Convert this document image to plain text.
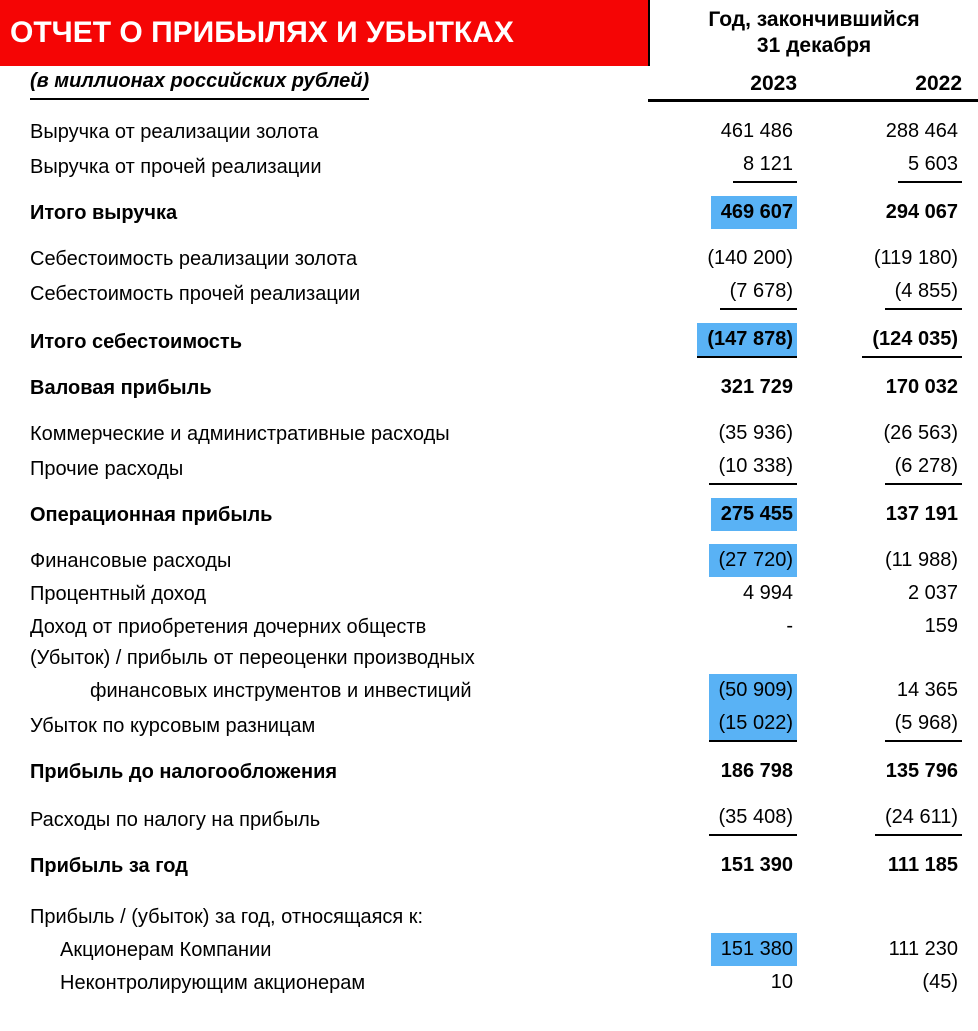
ОТЧЕТ О ПРИБЫЛЯХ И УБЫТКАХ	Год, закончившийся
31 декабря
(в миллионах российских рублей)	2023	2022

Выручка от реализации золота	461 486	288 464
Выручка от прочей реализации	8 121	5 603

Итого выручка	469 607	294 067

Себестоимость реализации золота	(140 200)	(119 180)
Себестоимость прочей реализации	(7 678)	(4 855)

Итого себестоимость	(147 878)	(124 035)

Валовая прибыль	321 729	170 032

Коммерческие и административные расходы	(35 936)	(26 563)
Прочие расходы	(10 338)	(6 278)

Операционная прибыль	275 455	137 191

Финансовые расходы	(27 720)	(11 988)
Процентный доход	4 994	2 037
Доход от приобретения дочерних обществ	-	159
(Убыток) / прибыль от переоценки производных		
финансовых инструментов и инвестиций	(50 909)	14 365
Убыток по курсовым разницам	(15 022)	(5 968)

Прибыль до налогообложения	186 798	135 796

Расходы по налогу на прибыль	(35 408)	(24 611)

Прибыль за год	151 390	111 185

Прибыль / (убыток) за год, относящаяся к:		
Акционерам Компании	151 380	111 230
Неконтролирующим акционерам	10	(45)
